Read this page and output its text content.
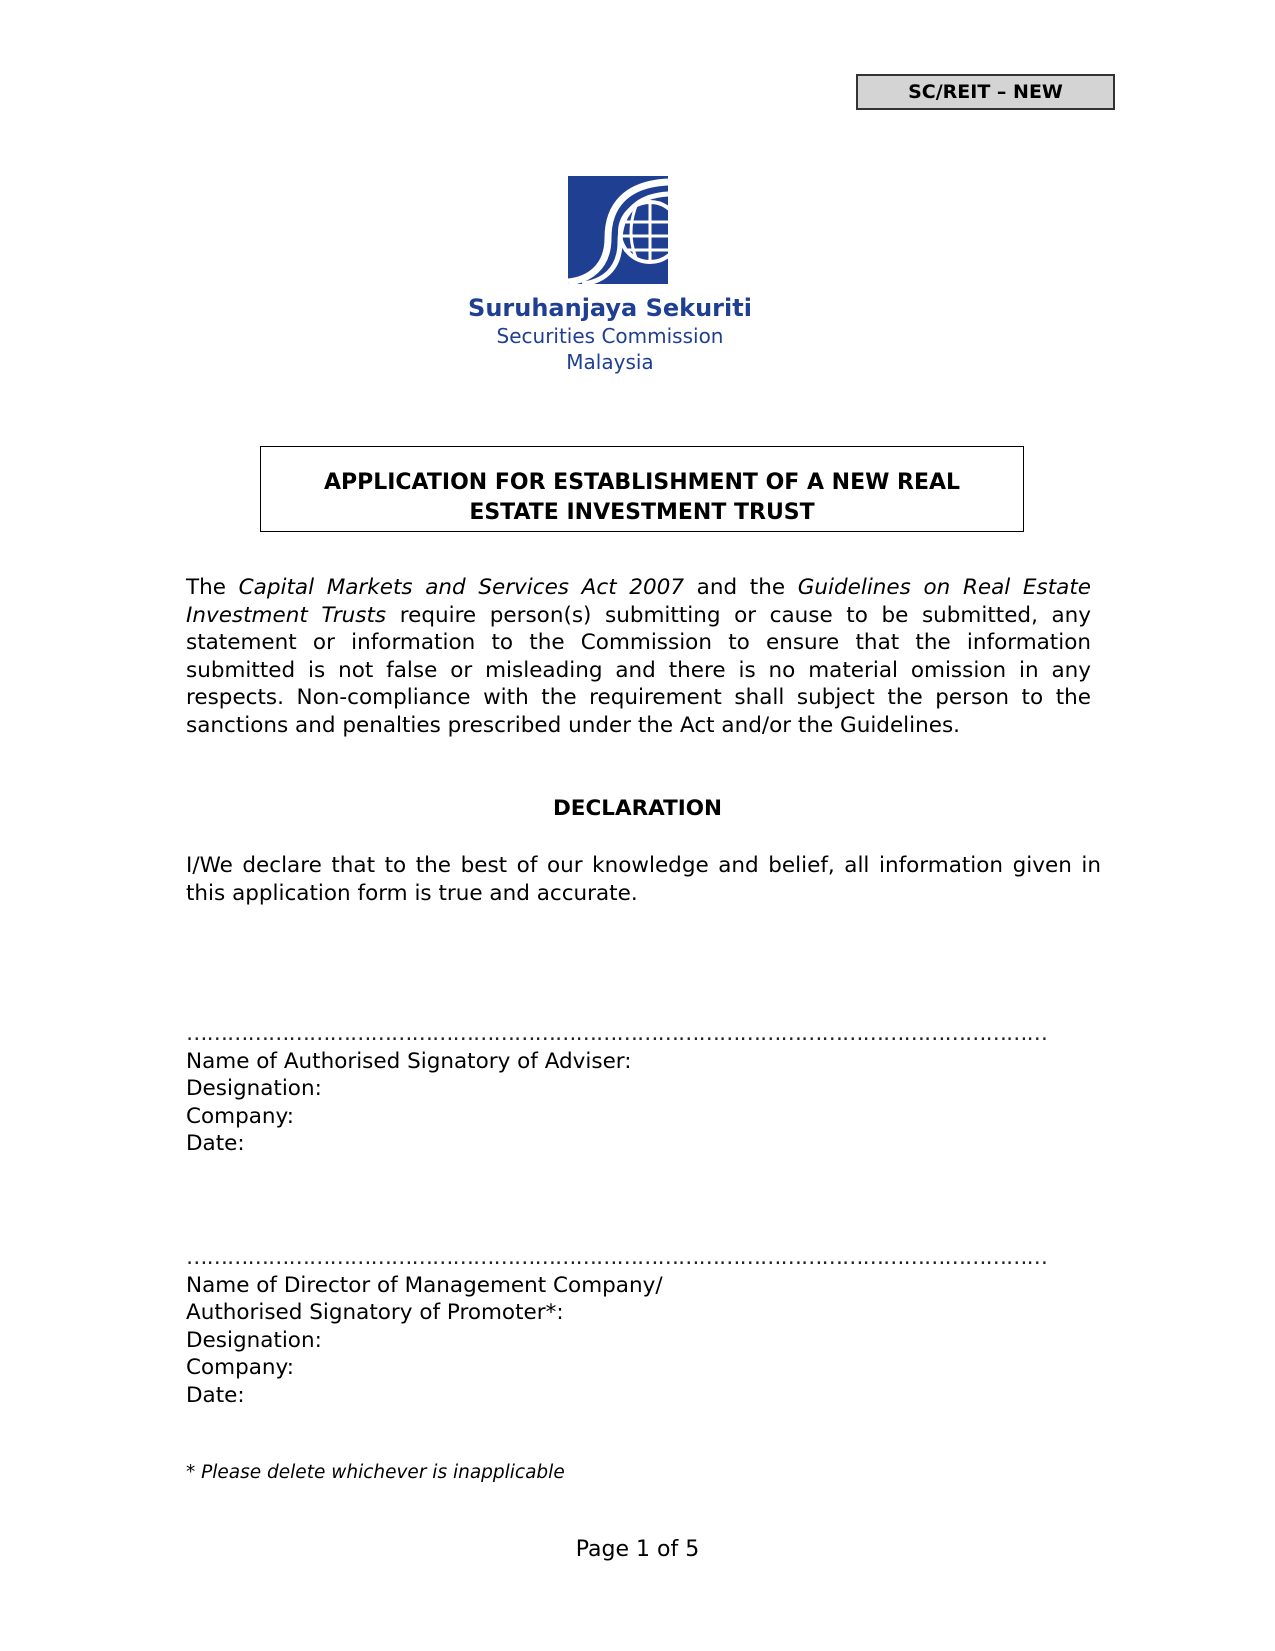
SC/REIT – NEW
Suruhanjaya Sekuriti
Securities Commission
Malaysia
APPLICATION FOR ESTABLISHMENT OF A NEW REAL
ESTATE INVESTMENT TRUST
The Capital Markets and Services Act 2007 and the Guidelines on Real Estate Investment Trusts require person(s) submitting or cause to be submitted, any statement or information to the Commission to ensure that the information submitted is not false or misleading and there is no material omission in any respects. Non-compliance with the requirement shall subject the person to the sanctions and penalties prescribed under the Act and/or the Guidelines.
DECLARATION
I/We declare that to the best of our knowledge and belief, all information given in this application form is true and accurate.
………………………………………………………………………………………………………………
Name of Authorised Signatory of Adviser:
Designation:
Company:
Date:
………………………………………………………………………………………………………………
Name of Director of Management Company/
Authorised Signatory of Promoter*:
Designation:
Company:
Date:
* Please delete whichever is inapplicable
Page 1 of 5
